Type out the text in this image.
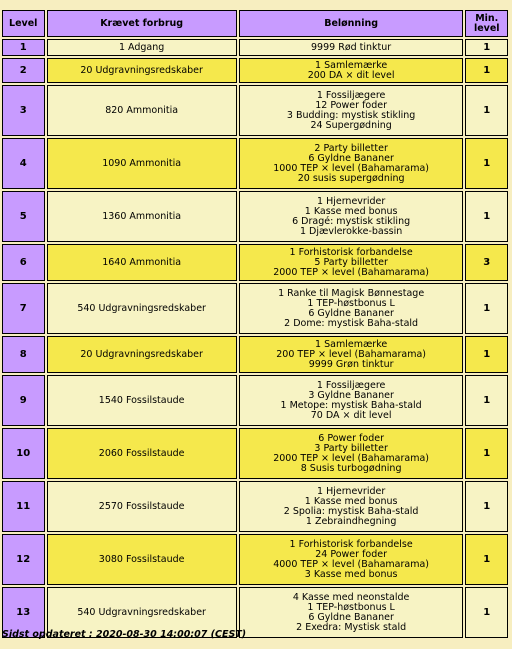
Level	Krævet forbrug	Belønning	Min.
level

1	1 Adgang	9999 Rød tinktur	1
2	20 Udgravningsredskaber	1 Samlemærke
200 DA × dit level	1
3	820 Ammonitia	1 Fossiljægere
12 Power foder
3 Budding: mystisk stikling
24 Supergødning	1
4	1090 Ammonitia	2 Party billetter
6 Gyldne Bananer
1000 TEP × level (Bahamarama)
20 susis supergødning	1
5	1360 Ammonitia	1 Hjernevrider
1 Kasse med bonus
6 Dragé: mystisk stikling
1 Djævlerokke-bassin	1
6	1640 Ammonitia	1 Forhistorisk forbandelse
5 Party billetter
2000 TEP × level (Bahamarama)	3
7	540 Udgravningsredskaber	1 Ranke til Magisk Bønnestage
1 TEP-høstbonus L
6 Gyldne Bananer
2 Dome: mystisk Baha-stald	1
8	20 Udgravningsredskaber	1 Samlemærke
200 TEP × level (Bahamarama)
9999 Grøn tinktur	1
9	1540 Fossilstaude	1 Fossiljægere
3 Gyldne Bananer
1 Metope: mystisk Baha-stald
70 DA × dit level	1
10	2060 Fossilstaude	6 Power foder
3 Party billetter
2000 TEP × level (Bahamarama)
8 Susis turbogødning	1
11	2570 Fossilstaude	1 Hjernevrider
1 Kasse med bonus
2 Spolia: mystisk Baha-stald
1 Zebraindhegning	1
12	3080 Fossilstaude	1 Forhistorisk forbandelse
24 Power foder
4000 TEP × level (Bahamarama)
3 Kasse med bonus	1
13	540 Udgravningsredskaber	4 Kasse med neonstalde
1 TEP-høstbonus L
6 Gyldne Bananer
2 Exedra: Mystisk stald	1
Sidst opdateret : 2020-08-30 14:00:07 (CEST)
